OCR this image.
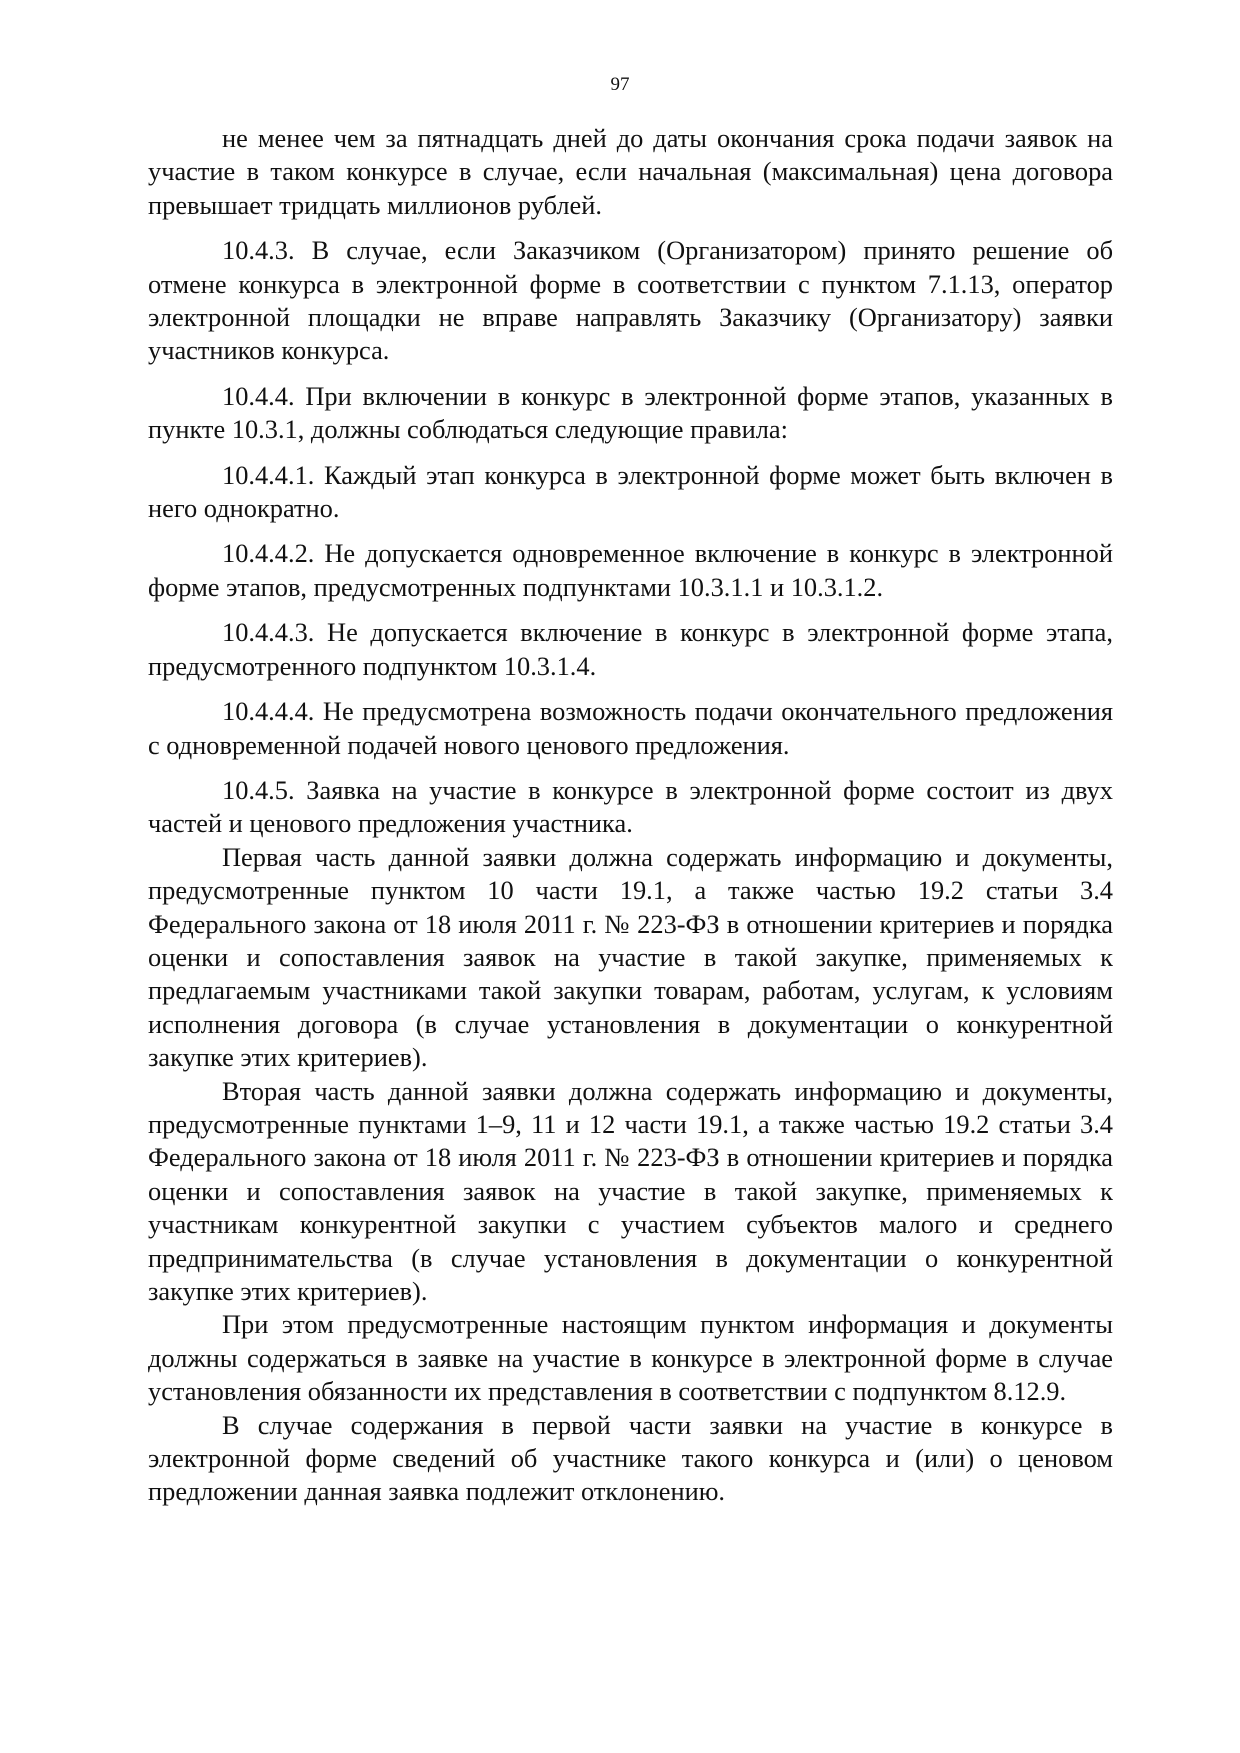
97

не менее чем за пятнадцать дней до даты окончания срока подачи заявок на участие в таком конкурсе в случае, если начальная (максимальная) цена договора превышает тридцать миллионов рублей.

10.4.3. В случае, если Заказчиком (Организатором) принято решение об отмене конкурса в электронной форме в соответствии с пунктом 7.1.13, оператор электронной площадки не вправе направлять Заказчику (Организатору) заявки участников конкурса.

10.4.4. При включении в конкурс в электронной форме этапов, указанных в пункте 10.3.1, должны соблюдаться следующие правила:

10.4.4.1. Каждый этап конкурса в электронной форме может быть включен в него однократно.

10.4.4.2. Не допускается одновременное включение в конкурс в электронной форме этапов, предусмотренных подпунктами 10.3.1.1 и 10.3.1.2.

10.4.4.3. Не допускается включение в конкурс в электронной форме этапа, предусмотренного подпунктом 10.3.1.4.

10.4.4.4. Не предусмотрена возможность подачи окончательного предложения с одновременной подачей нового ценового предложения.

10.4.5. Заявка на участие в конкурсе в электронной форме состоит из двух частей и ценового предложения участника.

Первая часть данной заявки должна содержать информацию и документы, предусмотренные пунктом 10 части 19.1, а также частью 19.2 статьи 3.4 Федерального закона от 18 июля 2011 г. № 223-ФЗ в отношении критериев и порядка оценки и сопоставления заявок на участие в такой закупке, применяемых к предлагаемым участниками такой закупки товарам, работам, услугам, к условиям исполнения договора (в случае установления в документации о конкурентной закупке этих критериев).

Вторая часть данной заявки должна содержать информацию и документы, предусмотренные пунктами 1–9, 11 и 12 части 19.1, а также частью 19.2 статьи 3.4 Федерального закона от 18 июля 2011 г. № 223-ФЗ в отношении критериев и порядка оценки и сопоставления заявок на участие в такой закупке, применяемых к участникам конкурентной закупки с участием субъектов малого и среднего предпринимательства (в случае установления в документации о конкурентной закупке этих критериев).

При этом предусмотренные настоящим пунктом информация и документы должны содержаться в заявке на участие в конкурсе в электронной форме в случае установления обязанности их представления в соответствии с подпунктом 8.12.9.

В случае содержания в первой части заявки на участие в конкурсе в электронной форме сведений об участнике такого конкурса и (или) о ценовом предложении данная заявка подлежит отклонению.
